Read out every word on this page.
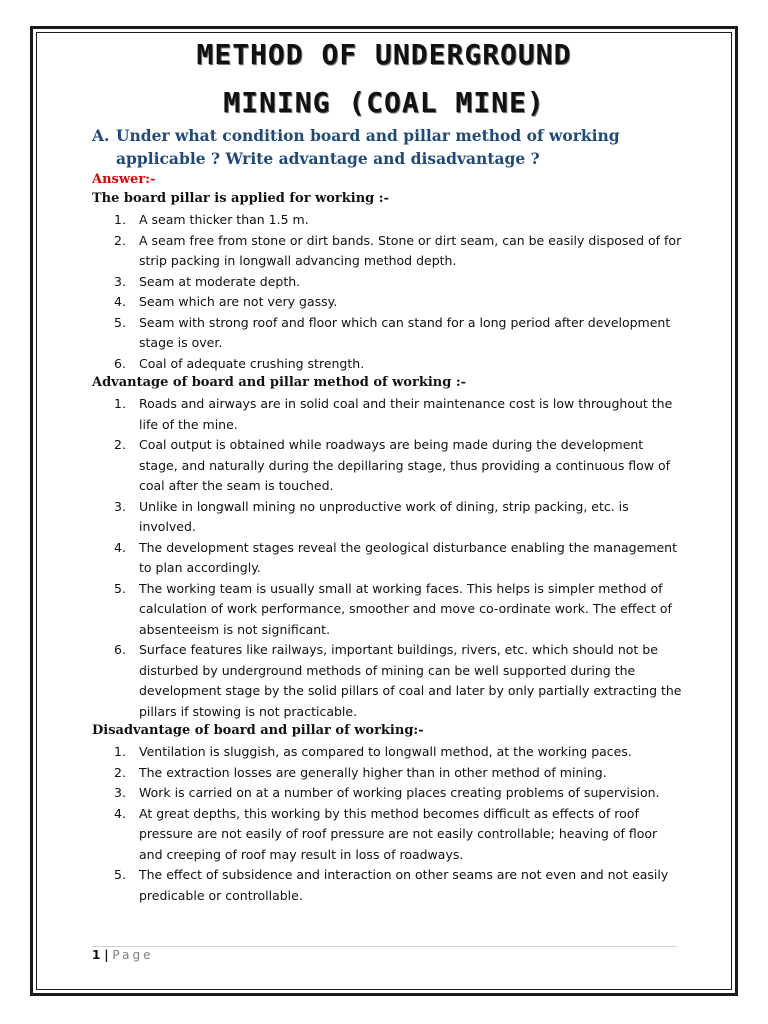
METHOD OF UNDERGROUND
MINING (COAL MINE)
A. Under what condition board and pillar method of working applicable ? Write advantage and disadvantage ?
Answer:-
The board pillar is applied for working :-
1. A seam thicker than 1.5 m.
2. A seam free from stone or dirt bands. Stone or dirt seam, can be easily disposed of for strip packing in longwall advancing method depth.
3. Seam at moderate depth.
4. Seam which are not very gassy.
5. Seam with strong roof and floor which can stand for a long period after development stage is over.
6. Coal of adequate crushing strength.
Advantage of board and pillar method of working :-
1. Roads and airways are in solid coal and their maintenance cost is low throughout the life of the mine.
2. Coal output is obtained while roadways are being made during the development stage, and naturally during the depillaring stage, thus providing a continuous flow of coal after the seam is touched.
3. Unlike in longwall mining no unproductive work of dining, strip packing, etc. is involved.
4. The development stages reveal the geological disturbance enabling the management to plan accordingly.
5. The working team is usually small at working faces. This helps is simpler method of calculation of work performance, smoother and move co-ordinate work. The effect of absenteeism is not significant.
6. Surface features like railways, important buildings, rivers, etc. which should not be disturbed by underground methods of mining can be well supported during the development stage by the solid pillars of coal and later by only partially extracting the pillars if stowing is not practicable.
Disadvantage of board and pillar of working:-
1. Ventilation is sluggish, as compared to longwall method, at the working paces.
2. The extraction losses are generally higher than in other method of mining.
3. Work is carried on at a number of working places creating problems of supervision.
4. At great depths, this working by this method becomes difficult as effects of roof pressure are not easily of roof pressure are not easily controllable; heaving of floor and creeping of roof may result in loss of roadways.
5. The effect of subsidence and interaction on other seams are not even and not easily predicable or controllable.
1 | Page
